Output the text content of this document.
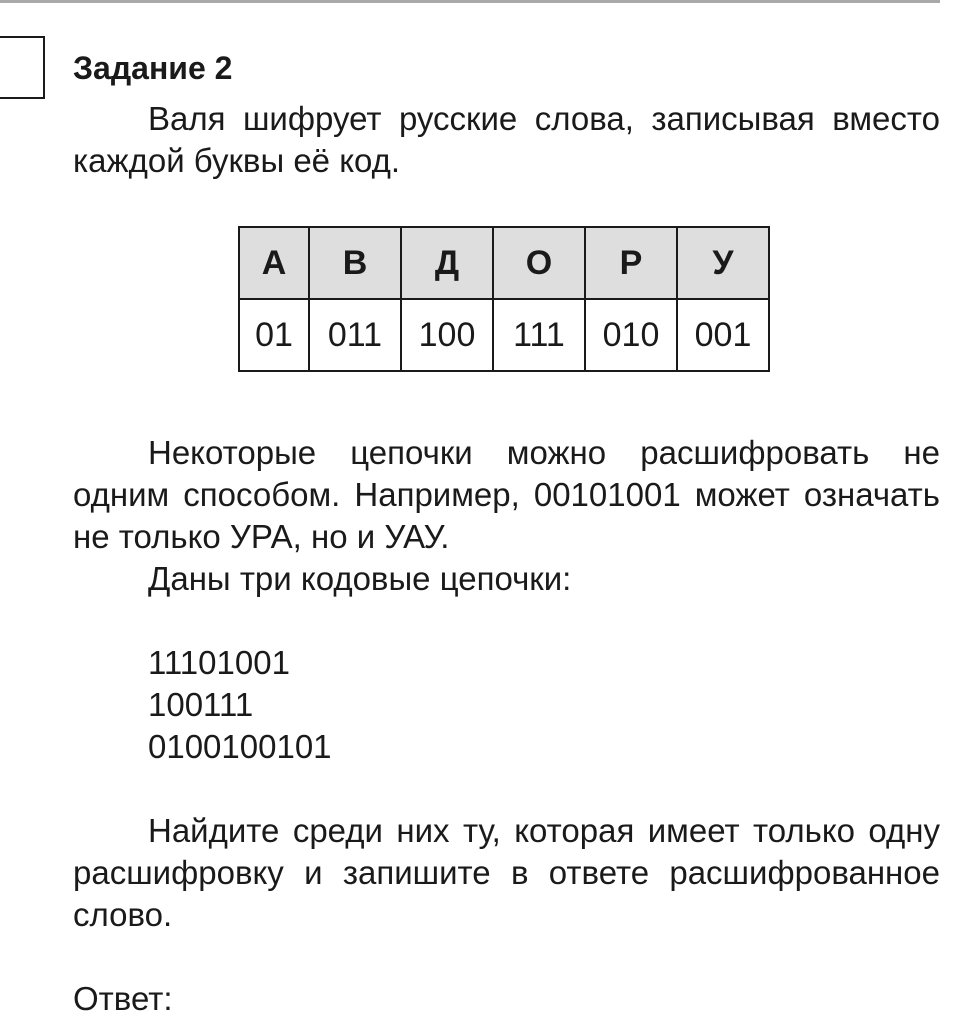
Задание 2

Валя шифрует русские слова, записывая вместо каждой буквы её код.

А	В	Д	О	Р	У
01	011	100	111	010	001

Некоторые цепочки можно расшифровать не одним способом. Например, 00101001 может означать не только УРА, но и УАУ.

Даны три кодовые цепочки:

11101001
100111
0100100101

Найдите среди них ту, которая имеет только одну расшифровку и запишите в ответе расшифрованное слово.

Ответ:
